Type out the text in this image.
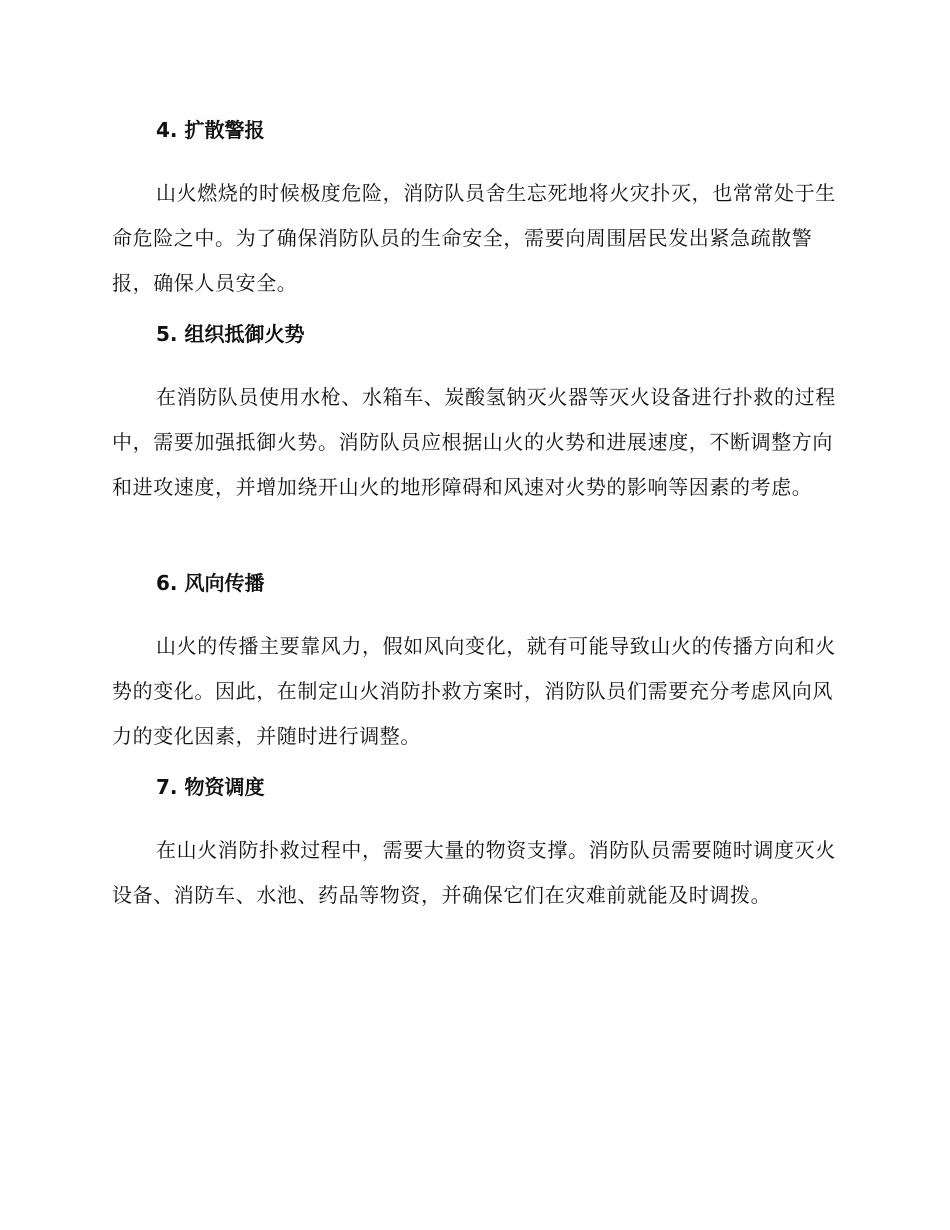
4. 扩散警报

山火燃烧的时候极度危险，消防队员舍生忘死地将火灾扑灭，也常常处于生命危险之中。为了确保消防队员的生命安全，需要向周围居民发出紧急疏散警报，确保人员安全。

5. 组织抵御火势

在消防队员使用水枪、水箱车、炭酸氢钠灭火器等灭火设备进行扑救的过程中，需要加强抵御火势。消防队员应根据山火的火势和进展速度，不断调整方向和进攻速度，并增加绕开山火的地形障碍和风速对火势的影响等因素的考虑。

6. 风向传播

山火的传播主要靠风力，假如风向变化，就有可能导致山火的传播方向和火势的变化。因此，在制定山火消防扑救方案时，消防队员们需要充分考虑风向风力的变化因素，并随时进行调整。

7. 物资调度

在山火消防扑救过程中，需要大量的物资支撑。消防队员需要随时调度灭火设备、消防车、水池、药品等物资，并确保它们在灾难前就能及时调拨。
